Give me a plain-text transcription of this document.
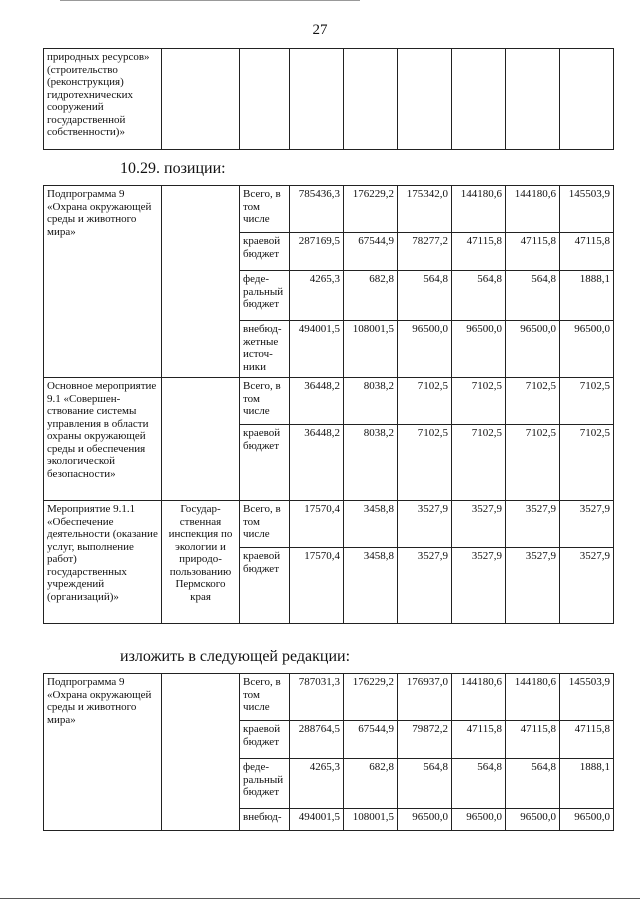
27
природных ресурсов» (строительство (реконструкция) гидротехнических сооружений государственной собственности)»								
10.29. позиции:
Подпрограмма 9 «Охрана окружающей среды и животного мира»		Всего, в том числе	785436,3	176229,2	175342,0	144180,6	144180,6	145503,9
		краевой бюджет	287169,5	67544,9	78277,2	47115,8	47115,8	47115,8
		феде-ральный бюджет	4265,3	682,8	564,8	564,8	564,8	1888,1
		внебюд-жетные источ-ники	494001,5	108001,5	96500,0	96500,0	96500,0	96500,0
Основное мероприятие 9.1 «Совершен-ствование системы управления в области охраны окружающей среды и обеспечения экологической безопасности»		Всего, в том числе	36448,2	8038,2	7102,5	7102,5	7102,5	7102,5
		краевой бюджет	36448,2	8038,2	7102,5	7102,5	7102,5	7102,5
Мероприятие 9.1.1 «Обеспечение деятельности (оказание услуг, выполнение работ) государственных учреждений (организаций)»	Государ-ственная инспекция по экологии и природо-пользованию Пермского края	Всего, в том числе	17570,4	3458,8	3527,9	3527,9	3527,9	3527,9
		краевой бюджет	17570,4	3458,8	3527,9	3527,9	3527,9	3527,9
изложить в следующей редакции:
Подпрограмма 9 «Охрана окружающей среды и животного мира»		Всего, в том числе	787031,3	176229,2	176937,0	144180,6	144180,6	145503,9
		краевой бюджет	288764,5	67544,9	79872,2	47115,8	47115,8	47115,8
		феде-ральный бюджет	4265,3	682,8	564,8	564,8	564,8	1888,1
		внебюд-	494001,5	108001,5	96500,0	96500,0	96500,0	96500,0
